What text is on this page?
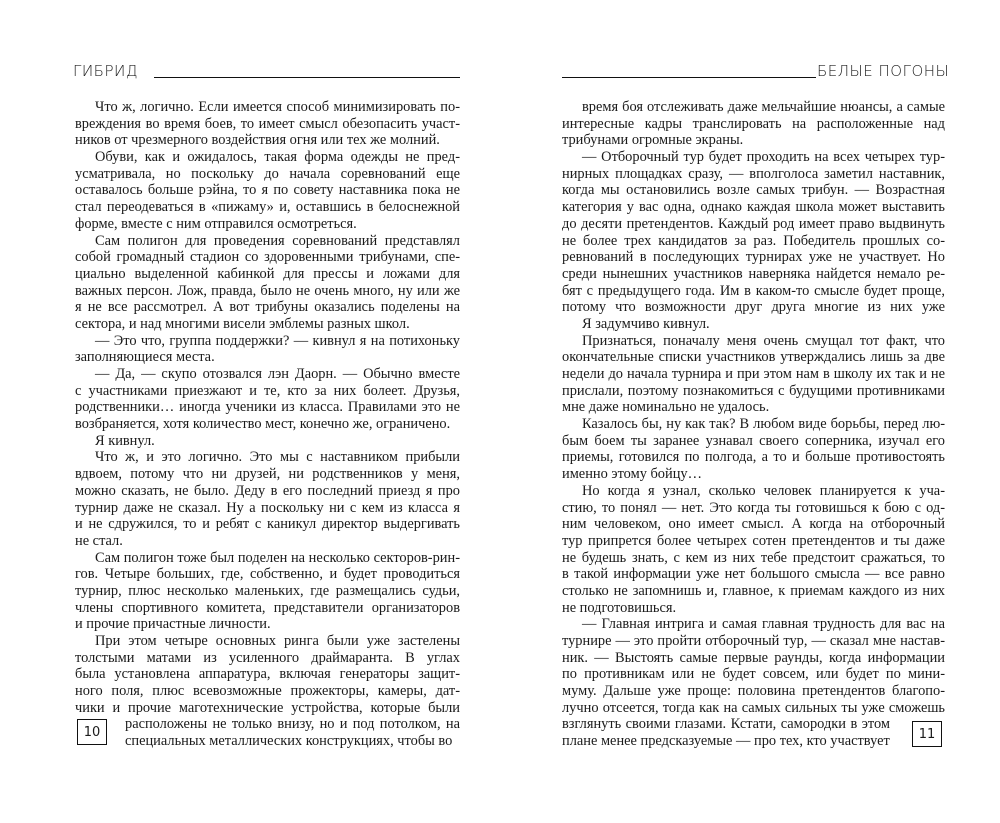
ГИБРИД
Что ж, логично. Если имеется способ минимизировать по-
вреждения во время боев, то имеет смысл обезопасить участ-
ников от чрезмерного воздействия огня или тех же молний.
Обуви, как и ожидалось, такая форма одежды не пред-
усматривала, но поскольку до начала соревнований еще
оставалось больше рэйна, то я по совету наставника пока не
стал переодеваться в «пижаму» и, оставшись в белоснежной
форме, вместе с ним отправился осмотреться.
Сам полигон для проведения соревнований представлял
собой громадный стадион со здоровенными трибунами, спе-
циально выделенной кабинкой для прессы и ложами для
важных персон. Лож, правда, было не очень много, ну или же
я не все рассмотрел. А вот трибуны оказались поделены на
сектора, и над многими висели эмблемы разных школ.
— Это что, группа поддержки? — кивнул я на потихоньку
заполняющиеся места.
— Да, — скупо отозвался лэн Даорн. — Обычно вместе
с участниками приезжают и те, кто за них болеет. Друзья,
родственники… иногда ученики из класса. Правилами это не
возбраняется, хотя количество мест, конечно же, ограничено.
Я кивнул.
Что ж, и это логично. Это мы с наставником прибыли
вдвоем, потому что ни друзей, ни родственников у меня,
можно сказать, не было. Деду в его последний приезд я про
турнир даже не сказал. Ну а поскольку ни с кем из класса я
и не сдружился, то и ребят с каникул директор выдергивать
не стал.
Сам полигон тоже был поделен на несколько секторов-рин-
гов. Четыре больших, где, собственно, и будет проводиться
турнир, плюс несколько маленьких, где размещались судьи,
члены спортивного комитета, представители организаторов
и прочие причастные личности.
При этом четыре основных ринга были уже застелены
толстыми матами из усиленного драймаранта. В углах
была установлена аппаратура, включая генераторы защит-
ного поля, плюс всевозможные прожекторы, камеры, дат-
чики и прочие маготехнические устройства, которые были
расположены не только внизу, но и под потолком, на
специальных металлических конструкциях, чтобы во
10
БЕЛЫЕ ПОГОНЫ
время боя отслеживать даже мельчайшие нюансы, а самые
интересные кадры транслировать на расположенные над
трибунами огромные экраны.
— Отборочный тур будет проходить на всех четырех тур-
нирных площадках сразу, — вполголоса заметил наставник,
когда мы остановились возле самых трибун. — Возрастная
категория у вас одна, однако каждая школа может выставить
до десяти претендентов. Каждый род имеет право выдвинуть
не более трех кандидатов за раз. Победитель прошлых со-
ревнований в последующих турнирах уже не участвует. Но
среди нынешних участников наверняка найдется немало ре-
бят с предыдущего года. Им в каком-то смысле будет проще,
потому что возможности друг друга многие из них уже
Я задумчиво кивнул.
Признаться, поначалу меня очень смущал тот факт, что
окончательные списки участников утверждались лишь за две
недели до начала турнира и при этом нам в школу их так и не
прислали, поэтому познакомиться с будущими противниками
мне даже номинально не удалось.
Казалось бы, ну как так? В любом виде борьбы, перед лю-
бым боем ты заранее узнавал своего соперника, изучал его
приемы, готовился по полгода, а то и больше противостоять
именно этому бойцу…
Но когда я узнал, сколько человек планируется к уча-
стию, то понял — нет. Это когда ты готовишься к бою с од-
ним человеком, оно имеет смысл. А когда на отборочный
тур припрется более четырех сотен претендентов и ты даже
не будешь знать, с кем из них тебе предстоит сражаться, то
в такой информации уже нет большого смысла — все равно
столько не запомнишь и, главное, к приемам каждого из них
не подготовишься.
— Главная интрига и самая главная трудность для вас на
турнире — это пройти отборочный тур, — сказал мне настав-
ник. — Выстоять самые первые раунды, когда информации
по противникам или не будет совсем, или будет по мини-
муму. Дальше уже проще: половина претендентов благопо-
лучно отсеется, тогда как на самых сильных ты уже сможешь
взглянуть своими глазами. Кстати, самородки в этом
плане менее предсказуемые — про тех, кто участвует	11
